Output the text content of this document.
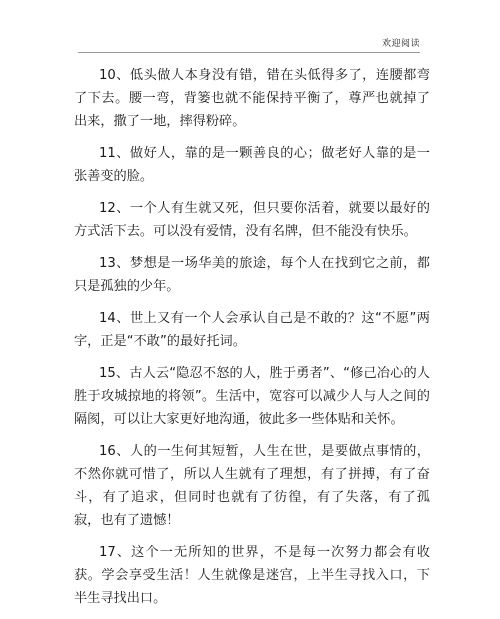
欢迎阅读

10、低头做人本身没有错，错在头低得多了，连腰都弯了下去。腰一弯，背篓也就不能保持平衡了，尊严也就掉了出来，撒了一地，摔得粉碎。

11、做好人，靠的是一颗善良的心；做老好人靠的是一张善变的脸。

12、一个人有生就又死，但只要你活着，就要以最好的方式活下去。可以没有爱情，没有名牌，但不能没有快乐。

13、梦想是一场华美的旅途，每个人在找到它之前，都只是孤独的少年。

14、世上又有一个人会承认自己是不敢的？这“不愿”两字，正是“不敢”的最好托词。

15、古人云“隐忍不怒的人，胜于勇者”、“修己冶心的人胜于攻城掠地的将领”。生活中，宽容可以减少人与人之间的隔阂，可以让大家更好地沟通，彼此多一些体贴和关怀。

16、人的一生何其短暂，人生在世，是要做点事情的，不然你就可惜了，所以人生就有了理想，有了拼搏，有了奋斗，有了追求，但同时也就有了彷徨，有了失落，有了孤寂，也有了遗憾！

17、这个一无所知的世界，不是每一次努力都会有收获。学会享受生活！人生就像是迷宫，上半生寻找入口，下半生寻找出口。
